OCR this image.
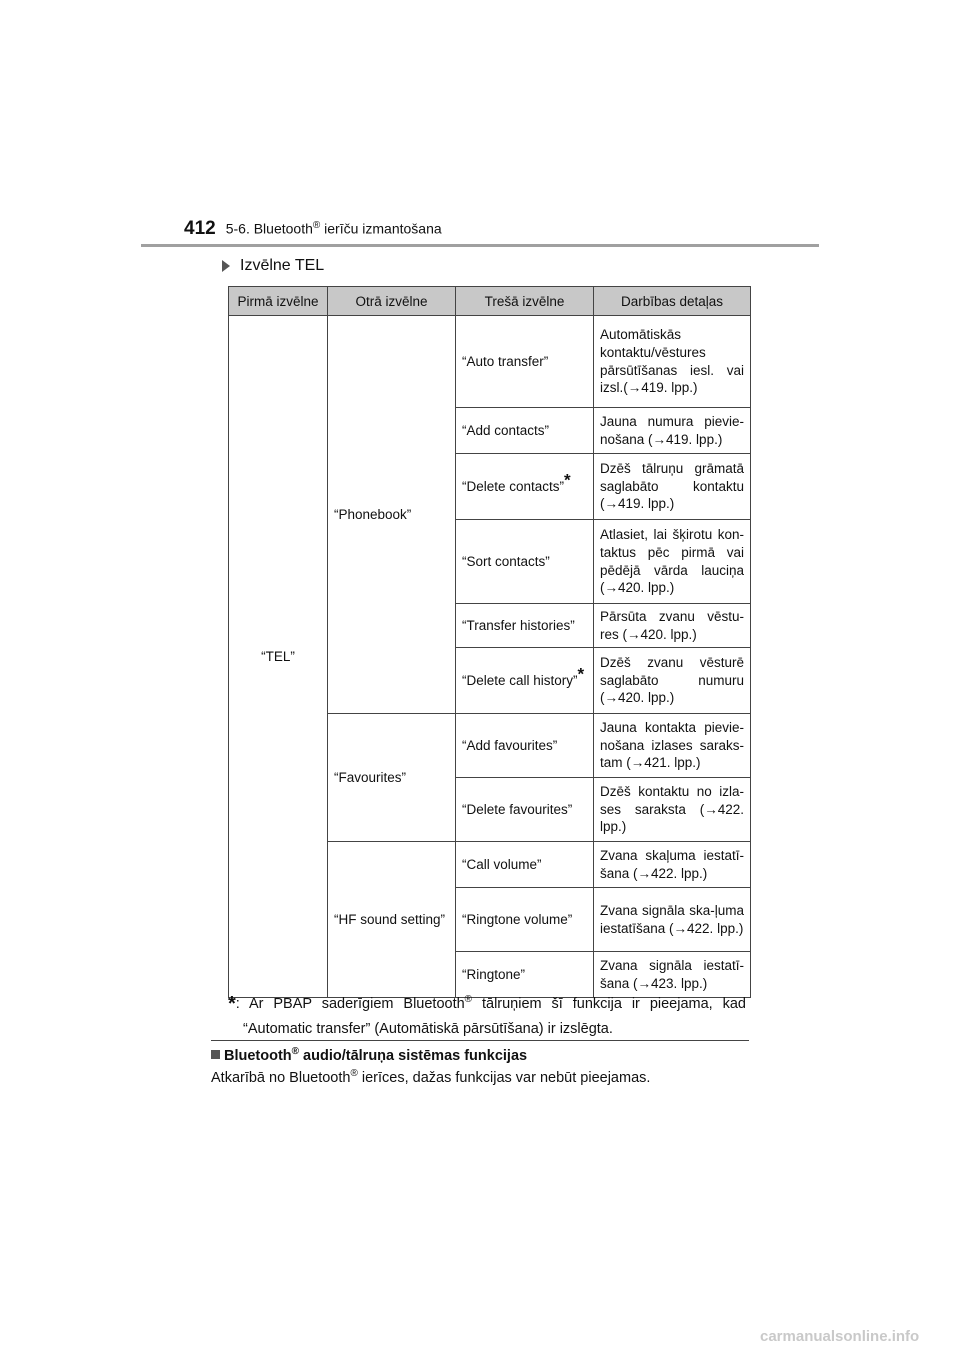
412 5-6. Bluetooth® ierīču izmantošana
Izvēlne TEL
Pirmā izvēlne	Otrā izvēlne	Trešā izvēlne	Darbības detaļas
“TEL”	“Phonebook”	“Auto transfer”	Automātiskās kontaktu/vēstures pārsūtīšanas iesl. vai izsl.(→419. lpp.)
		“Add contacts”	Jauna numura pievie-nošana (→419. lpp.)
		“Delete contacts”*	Dzēš tālruņu grāmatā saglabāto kontaktu (→419. lpp.)
		“Sort contacts”	Atlasiet, lai šķirotu kon-taktus pēc pirmā vai pēdējā vārda lauciņa (→420. lpp.)
		“Transfer histories”	Pārsūta zvanu vēstu-res (→420. lpp.)
		“Delete call history”*	Dzēš zvanu vēsturē saglabāto numuru (→420. lpp.)
	“Favourites”	“Add favourites”	Jauna kontakta pievie-nošana izlases saraks-tam (→421. lpp.)
		“Delete favourites”	Dzēš kontaktu no izla-ses saraksta (→422. lpp.)
	“HF sound setting”	“Call volume”	Zvana skaļuma iestatī-šana (→422. lpp.)
		“Ringtone volume”	Zvana signāla ska-ļuma iestatīšana (→422. lpp.)
		“Ringtone”	Zvana signāla iestatī-šana (→423. lpp.)
*: Ar PBAP saderīgiem Bluetooth® tālruņiem šī funkcija ir pieejama, kad “Automatic transfer” (Automātiskā pārsūtīšana) ir izslēgta.
Bluetooth® audio/tālruņa sistēmas funkcijas
Atkarībā no Bluetooth® ierīces, dažas funkcijas var nebūt pieejamas.
carmanualsonline.info
